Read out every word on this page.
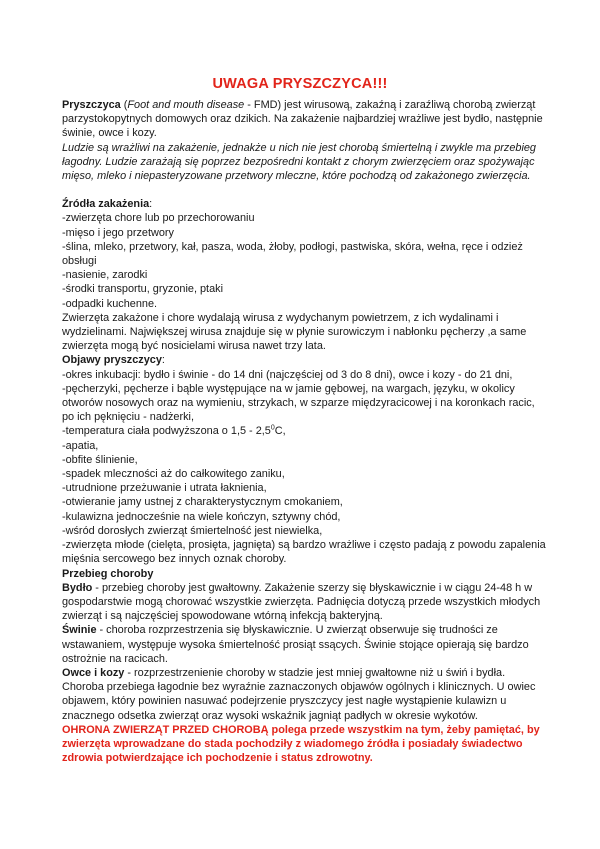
UWAGA PRYSZCZYCA!!!

Pryszczyca (Foot and mouth disease - FMD) jest wirusową, zakaźną i zaraźliwą chorobą zwierząt parzystokopytnych domowych oraz dzikich. Na zakażenie najbardziej wrażliwe jest bydło, następnie świnie, owce i kozy.

Ludzie są wrażliwi na zakażenie, jednakże u nich nie jest chorobą śmiertelną i zwykle ma przebieg łagodny. Ludzie zarażają się poprzez bezpośredni kontakt z chorym zwierzęciem oraz spożywając mięso, mleko i niepasteryzowane przetwory mleczne, które pochodzą od zakażonego zwierzęcia.

Źródła zakażenia:

-zwierzęta chore lub po przechorowaniu

-mięso i jego przetwory

-ślina, mleko, przetwory, kał, pasza, woda, żłoby, podłogi, pastwiska, skóra, wełna, ręce i odzież obsługi

-nasienie, zarodki

-środki transportu, gryzonie, ptaki

-odpadki kuchenne.

Zwierzęta zakażone i chore wydalają wirusa z wydychanym powietrzem, z ich wydalinami i wydzielinami. Największej wirusa znajduje się w płynie surowiczym i nabłonku pęcherzy ,a same zwierzęta mogą być nosicielami wirusa nawet trzy lata.

Objawy pryszczycy:

-okres inkubacji: bydło i świnie - do 14 dni (najczęściej od 3 do 8 dni), owce i kozy - do 21 dni,

-pęcherzyki, pęcherze i bąble występujące na w jamie gębowej, na wargach, języku, w okolicy otworów nosowych oraz na wymieniu, strzykach, w szparze międzyracicowej i na koronkach racic, po ich pęknięciu - nadżerki,

-temperatura ciała podwyższona o $1,5 - 2,5^0C$,

-apatia,

-obfite ślinienie,

-spadek mleczności aż do całkowitego zaniku,

-utrudnione przeżuwanie i utrata łaknienia,

-otwieranie jamy ustnej z charakterystycznym cmokaniem,

-kulawizna jednocześnie na wiele kończyn, sztywny chód,

-wśród dorosłych zwierząt śmiertelność jest niewielka,

-zwierzęta młode (cielęta, prosięta, jagnięta) są bardzo wrażliwe i często padają z powodu zapalenia mięśnia sercowego bez innych oznak choroby.

Przebieg choroby

Bydło - przebieg choroby jest gwałtowny. Zakażenie szerzy się błyskawicznie i w ciągu 24-48 h w gospodarstwie mogą chorować wszystkie zwierzęta. Padnięcia dotyczą przede wszystkich młodych zwierząt i są najczęściej spowodowane wtórną infekcją bakteryjną.

Świnie - choroba rozprzestrzenia się błyskawicznie. U zwierząt obserwuje się trudności ze wstawaniem, występuje wysoka śmiertelność prosiąt ssących. Świnie stojące opierają się bardzo ostrożnie na racicach.

Owce i kozy - rozprzestrzenienie choroby w stadzie jest mniej gwałtowne niż u świń i bydła. Choroba przebiega łagodnie bez wyraźnie zaznaczonych objawów ogólnych i klinicznych. U owiec objawem, który powinien nasuwać podejrzenie pryszczycy jest nagłe wystąpienie kulawizn u znacznego odsetka zwierząt oraz wysoki wskaźnik jagniąt padłych w okresie wykotów.

OHRONA ZWIERZĄT PRZED CHOROBĄ polega przede wszystkim na tym, żeby pamiętać, by zwierzęta wprowadzane do stada pochodziły z wiadomego źródła i posiadały świadectwo zdrowia potwierdzające ich pochodzenie i status zdrowotny.
